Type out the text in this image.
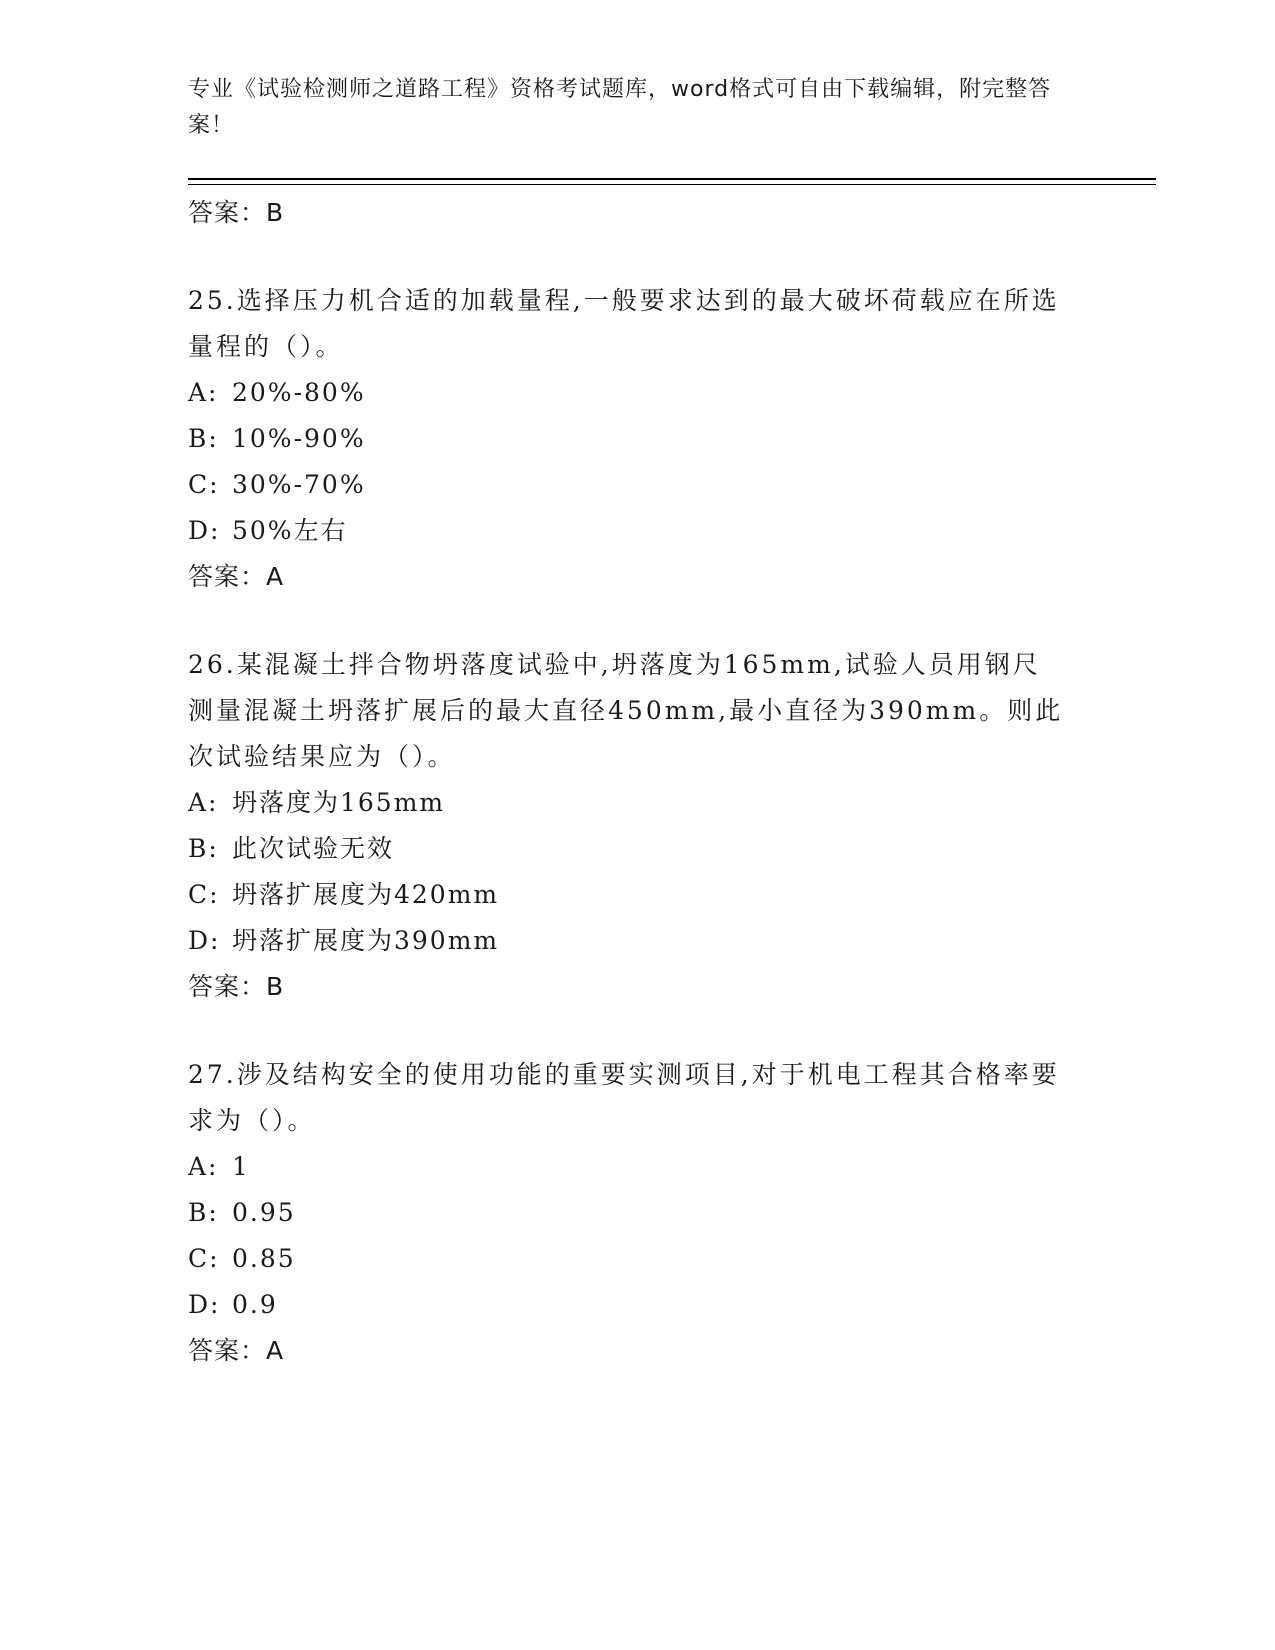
专业《试验检测师之道路工程》资格考试题库，word格式可自由下载编辑，附完整答案！
答案：B

25.选择压力机合适的加载量程,一般要求达到的最大破坏荷载应在所选量程的（）。

A: 20%-80%

B: 10%-90%

C: 30%-70%

D: 50%左右

答案：A

26.某混凝土拌合物坍落度试验中,坍落度为165mm,试验人员用钢尺测量混凝土坍落扩展后的最大直径450mm,最小直径为390mm。则此次试验结果应为（）。

A: 坍落度为165mm

B: 此次试验无效

C: 坍落扩展度为420mm

D: 坍落扩展度为390mm

答案：B

27.涉及结构安全的使用功能的重要实测项目,对于机电工程其合格率要求为（）。

A: 1

B: 0.95

C: 0.85

D: 0.9

答案：A
